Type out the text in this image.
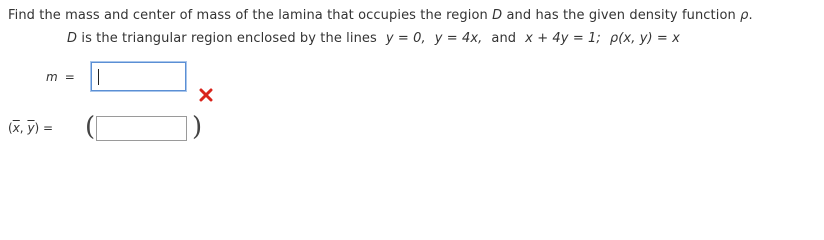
Find the mass and center of mass of the lamina that occupies the region D and has the given density function ρ.
D is the triangular region enclosed by the lines y = 0, y = 4x, and x + 4y = 1; ρ(x, y) = x
m =
($\overline{x}$, $\overline{y}$) = (	)
